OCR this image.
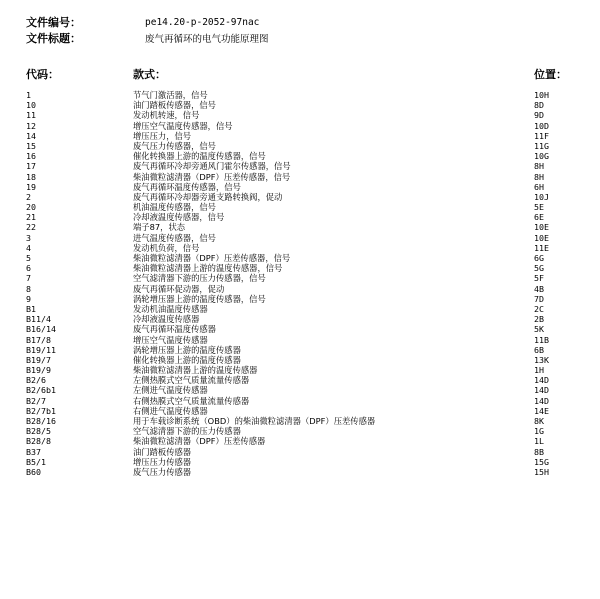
文件编号：	pe14.20-p-2052-97nac
文件标题：	废气再循环的电气功能原理图
代码：	款式：	位置：
1	节气门激活器，信号	10H
10	油门踏板传感器，信号	8D
11	发动机转速，信号	9D
12	增压空气温度传感器，信号	10D
14	增压压力，信号	11F
15	废气压力传感器，信号	11G
16	催化转换器上游的温度传感器，信号	10G
17	废气再循环冷却旁通风门霍尔传感器，信号	8H
18	柴油微粒滤清器（DPF）压差传感器，信号	8H
19	废气再循环温度传感器，信号	6H
2	废气再循环冷却器旁通支路转换阀，促动	10J
20	机油温度传感器，信号	5E
21	冷却液温度传感器，信号	6E
22	端子87，状态	10E
3	进气温度传感器，信号	10E
4	发动机负荷，信号	11E
5	柴油微粒滤清器（DPF）压差传感器，信号	6G
6	柴油微粒滤清器上游的温度传感器，信号	5G
7	空气滤清器下游的压力传感器，信号	5F
8	废气再循环促动器，促动	4B
9	涡轮增压器上游的温度传感器，信号	7D
B1	发动机油温度传感器	2C
B11/4	冷却液温度传感器	2B
B16/14	废气再循环温度传感器	5K
B17/8	增压空气温度传感器	11B
B19/11	涡轮增压器上游的温度传感器	6B
B19/7	催化转换器上游的温度传感器	13K
B19/9	柴油微粒滤清器上游的温度传感器	1H
B2/6	左侧热膜式空气质量流量传感器	14D
B2/6b1	左侧进气温度传感器	14D
B2/7	右侧热膜式空气质量流量传感器	14D
B2/7b1	右侧进气温度传感器	14E
B28/16	用于车载诊断系统（OBD）的柴油微粒滤清器（DPF）压差传感器	8K
B28/5	空气滤清器下游的压力传感器	1G
B28/8	柴油微粒滤清器（DPF）压差传感器	1L
B37	油门踏板传感器	8B
B5/1	增压压力传感器	15G
B60	废气压力传感器	15H
